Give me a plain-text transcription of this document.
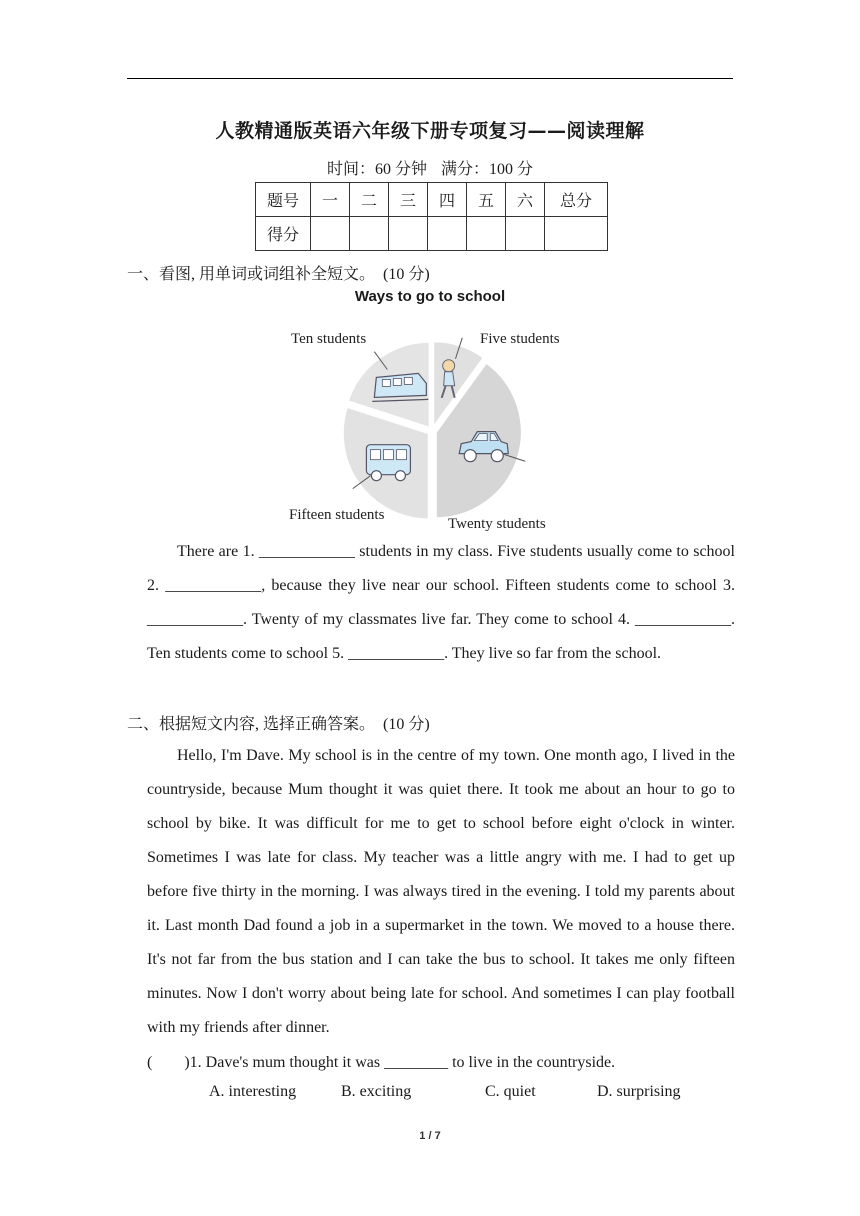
人教精通版英语六年级下册专项复习——阅读理解
时间：60 分钟 满分：100 分
题号	一	二	三	四	五	六	总分
得分							
一、看图, 用单词或词组补全短文。　(10 分)
Ways to go to school
Five students
Twenty students
Fifteen students
Ten students

There are 1. ____________ students in my class. Five students usually come to school 2. ____________, because they live near our school. Fifteen students come to school 3. ____________. Twenty of my classmates live far. They come to school 4. ____________. Ten students come to school 5. ____________. They live so far from the school.

二、根据短文内容, 选择正确答案。　(10 分)

Hello, I'm Dave. My school is in the centre of my town. One month ago, I lived in the countryside, because Mum thought it was quiet there. It took me about an hour to go to school by bike. It was difficult for me to get to school before eight o'clock in winter. Sometimes I was late for class. My teacher was a little angry with me. I had to get up before five thirty in the morning. I was always tired in the evening. I told my parents about it. Last month Dad found a job in a supermarket in the town. We moved to a house there. It's not far from the bus station and I can take the bus to school. It takes me only fifteen minutes. Now I don't worry about being late for school. And sometimes I can play football with my friends after dinner.

(　　)1. Dave's mum thought it was ________ to live in the countryside.
A. interesting	B. exciting	C. quiet	D. surprising
1 / 7
